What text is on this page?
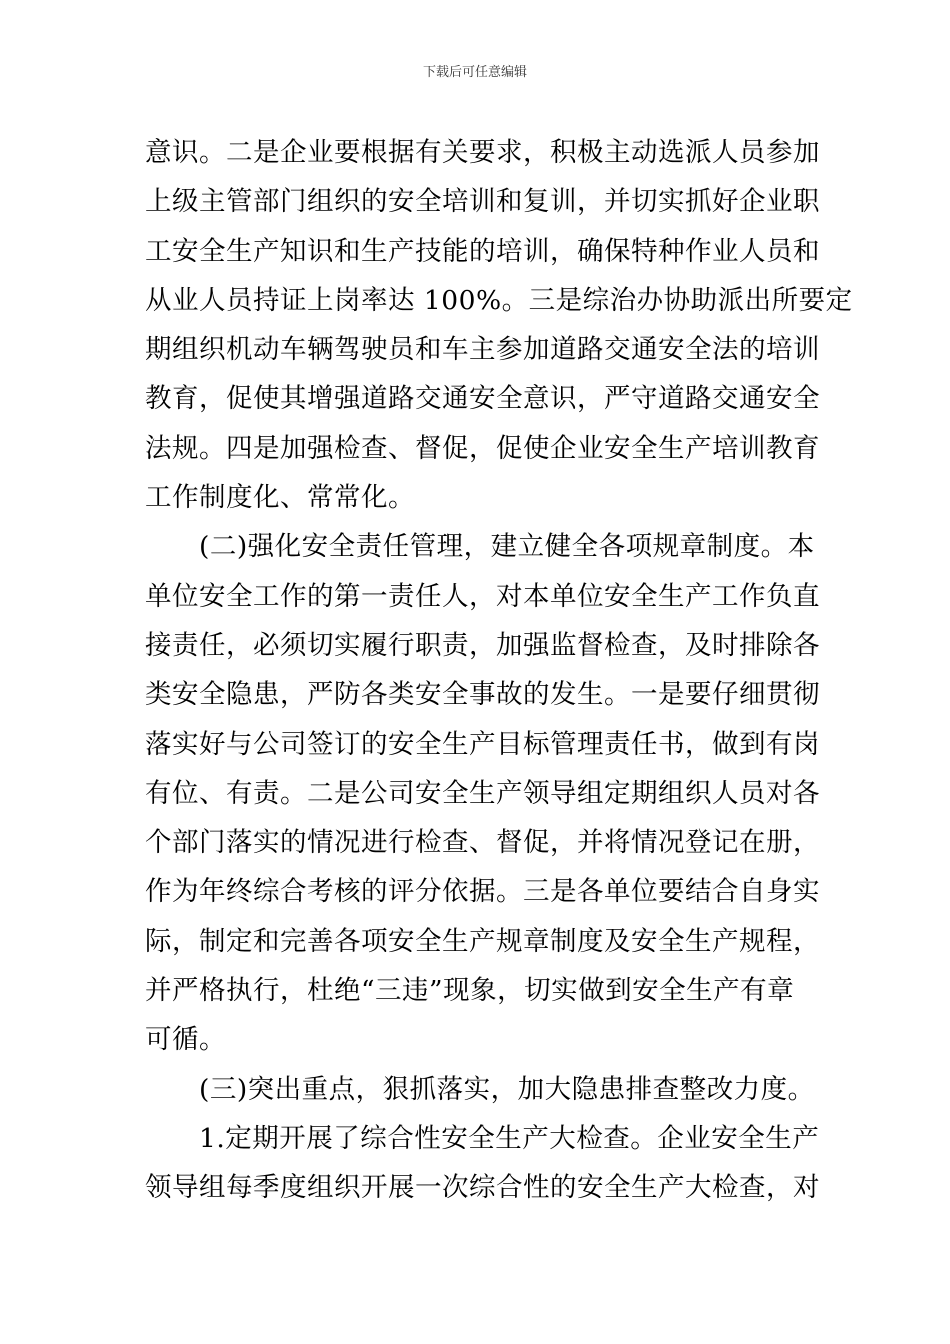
下载后可任意编辑
意识。二是企业要根据有关要求，积极主动选派人员参加
上级主管部门组织的安全培训和复训，并切实抓好企业职
工安全生产知识和生产技能的培训，确保特种作业人员和
从业人员持证上岗率达 100%。三是综治办协助派出所要定
期组织机动车辆驾驶员和车主参加道路交通安全法的培训
教育，促使其增强道路交通安全意识，严守道路交通安全
法规。四是加强检查、督促，促使企业安全生产培训教育
工作制度化、常常化。
(二)强化安全责任管理，建立健全各项规章制度。本
单位安全工作的第一责任人，对本单位安全生产工作负直
接责任，必须切实履行职责，加强监督检查，及时排除各
类安全隐患，严防各类安全事故的发生。一是要仔细贯彻
落实好与公司签订的安全生产目标管理责任书，做到有岗
有位、有责。二是公司安全生产领导组定期组织人员对各
个部门落实的情况进行检查、督促，并将情况登记在册，
作为年终综合考核的评分依据。三是各单位要结合自身实
际，制定和完善各项安全生产规章制度及安全生产规程，
并严格执行，杜绝“三违”现象，切实做到安全生产有章
可循。
(三)突出重点，狠抓落实，加大隐患排查整改力度。
1.定期开展了综合性安全生产大检查。企业安全生产
领导组每季度组织开展一次综合性的安全生产大检查，对
